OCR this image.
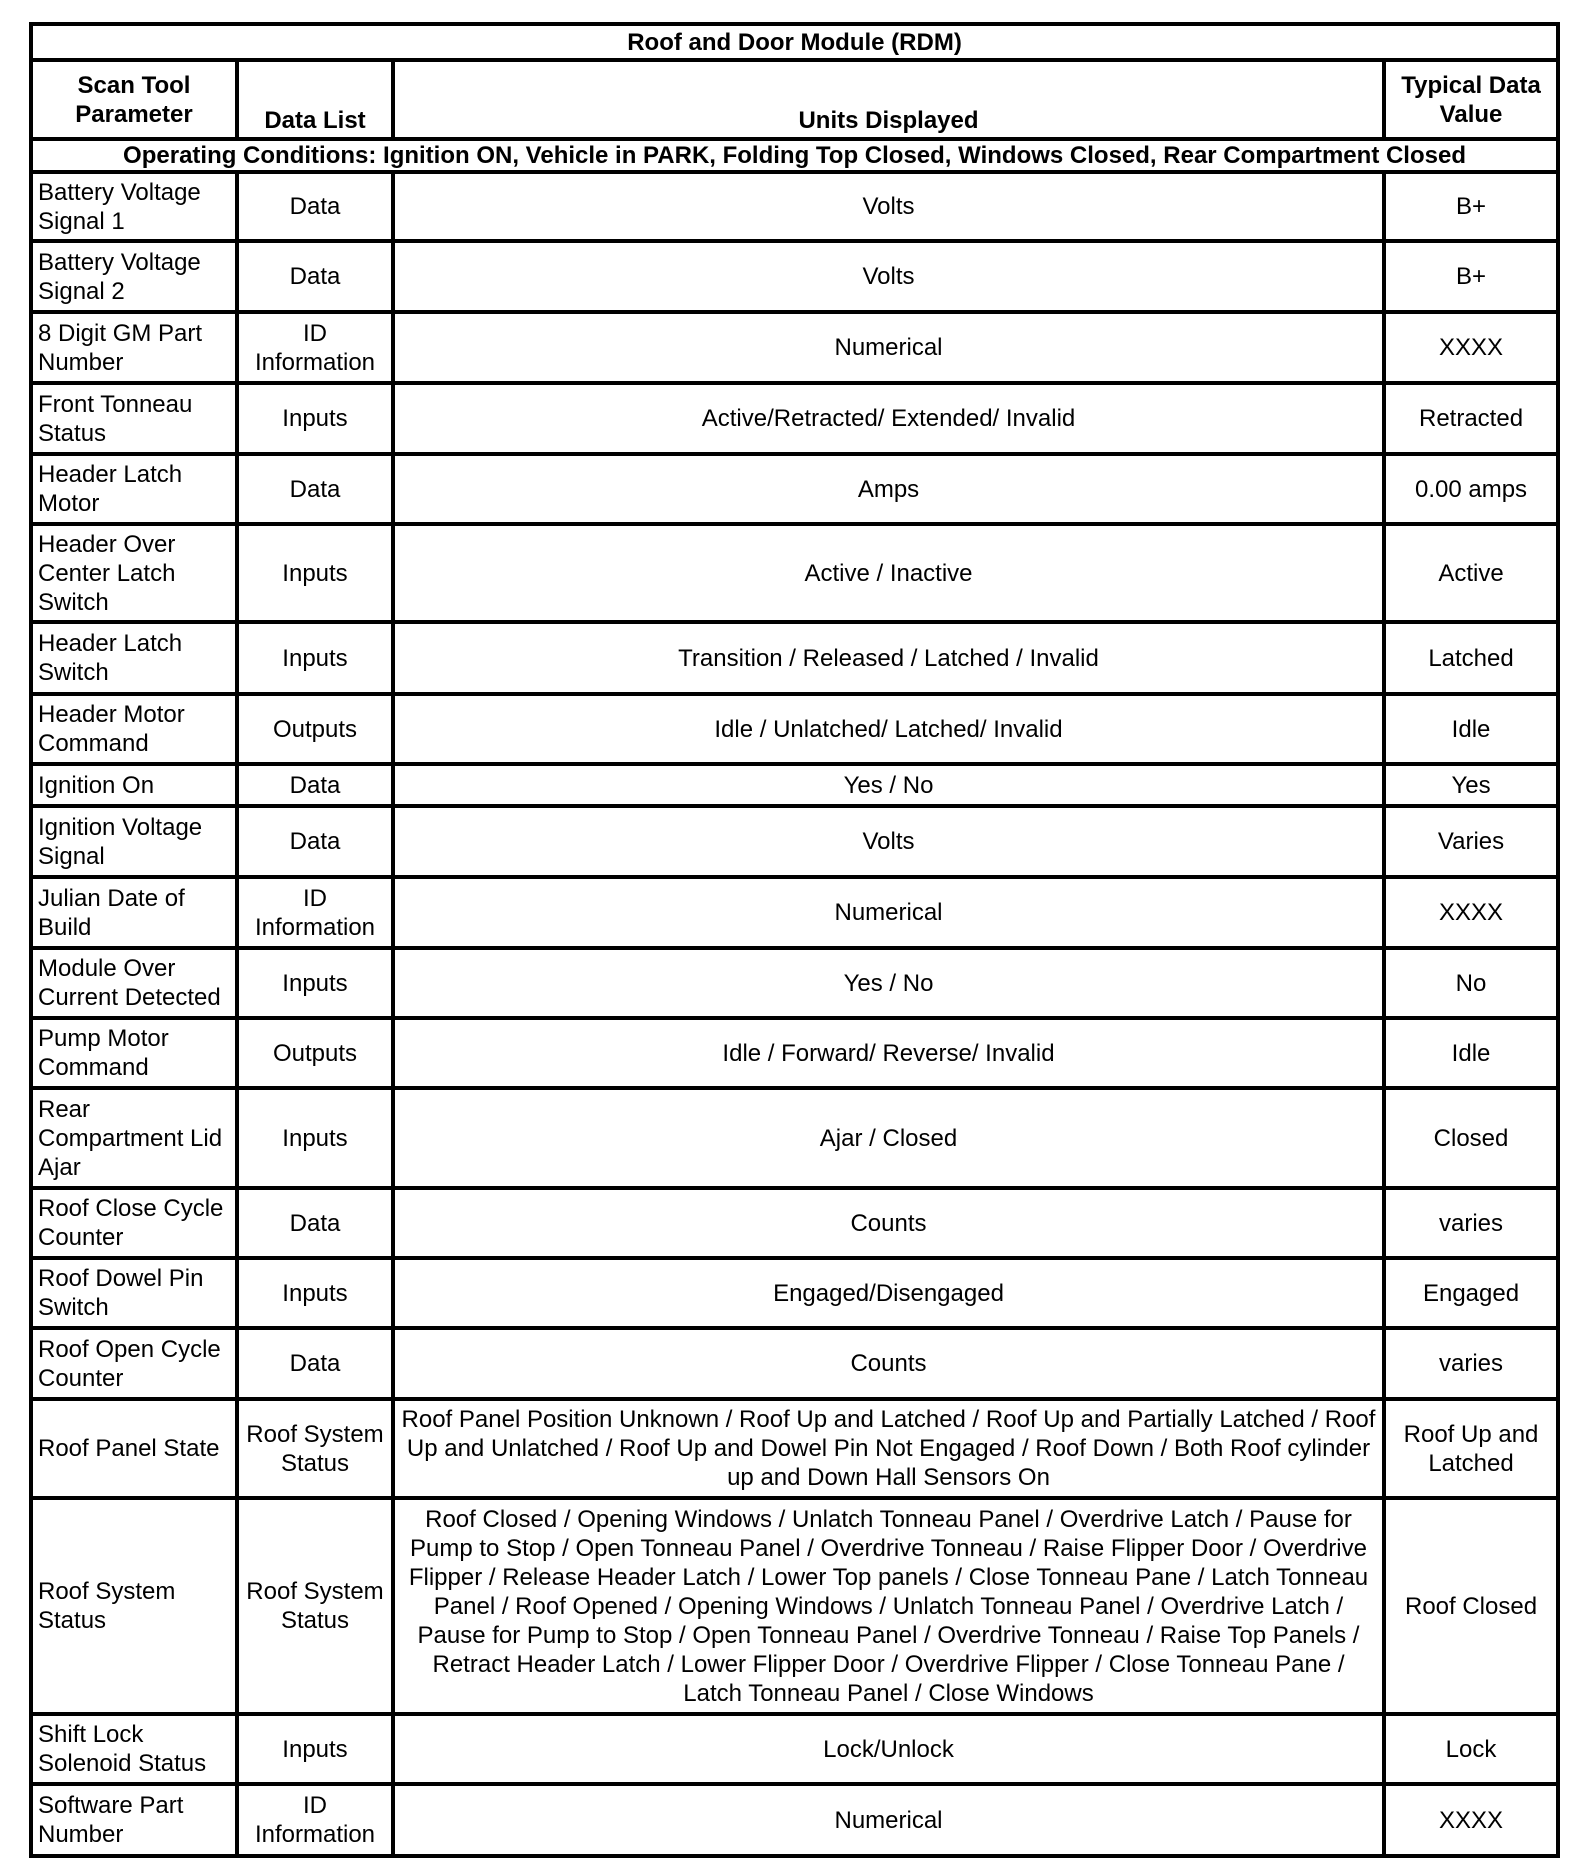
Roof and Door Module (RDM)			
Scan Tool Parameter	Data List	Units Displayed	Typical Data Value
Operating Conditions: Ignition ON, Vehicle in PARK, Folding Top Closed, Windows Closed, Rear Compartment Closed			
Battery Voltage Signal 1	Data	Volts	B+
Battery Voltage Signal 2	Data	Volts	B+
8 Digit GM Part Number	ID Information	Numerical	XXXX
Front Tonneau Status	Inputs	Active/Retracted/ Extended/ Invalid	Retracted
Header Latch Motor	Data	Amps	0.00 amps
Header Over Center Latch Switch	Inputs	Active / Inactive	Active
Header Latch Switch	Inputs	Transition / Released / Latched / Invalid	Latched
Header Motor Command	Outputs	Idle / Unlatched/ Latched/ Invalid	Idle
Ignition On	Data	Yes / No	Yes
Ignition Voltage Signal	Data	Volts	Varies
Julian Date of Build	ID Information	Numerical	XXXX
Module Over Current Detected	Inputs	Yes / No	No
Pump Motor Command	Outputs	Idle / Forward/ Reverse/ Invalid	Idle
Rear Compartment Lid Ajar	Inputs	Ajar / Closed	Closed
Roof Close Cycle Counter	Data	Counts	varies
Roof Dowel Pin Switch	Inputs	Engaged/Disengaged	Engaged
Roof Open Cycle Counter	Data	Counts	varies
Roof Panel State	Roof System Status	Roof Panel Position Unknown / Roof Up and Latched / Roof Up and Partially Latched / Roof Up and Unlatched / Roof Up and Dowel Pin Not Engaged / Roof Down / Both Roof cylinder up and Down Hall Sensors On	Roof Up and Latched
Roof System Status	Roof System Status	Roof Closed / Opening Windows / Unlatch Tonneau Panel / Overdrive Latch / Pause for Pump to Stop / Open Tonneau Panel / Overdrive Tonneau / Raise Flipper Door / Overdrive Flipper / Release Header Latch / Lower Top panels / Close Tonneau Pane / Latch Tonneau Panel / Roof Opened / Opening Windows / Unlatch Tonneau Panel / Overdrive Latch / Pause for Pump to Stop / Open Tonneau Panel / Overdrive Tonneau / Raise Top Panels / Retract Header Latch / Lower Flipper Door / Overdrive Flipper / Close Tonneau Pane / Latch Tonneau Panel / Close Windows	Roof Closed
Shift Lock Solenoid Status	Inputs	Lock/Unlock	Lock
Software Part Number	ID Information	Numerical	XXXX
